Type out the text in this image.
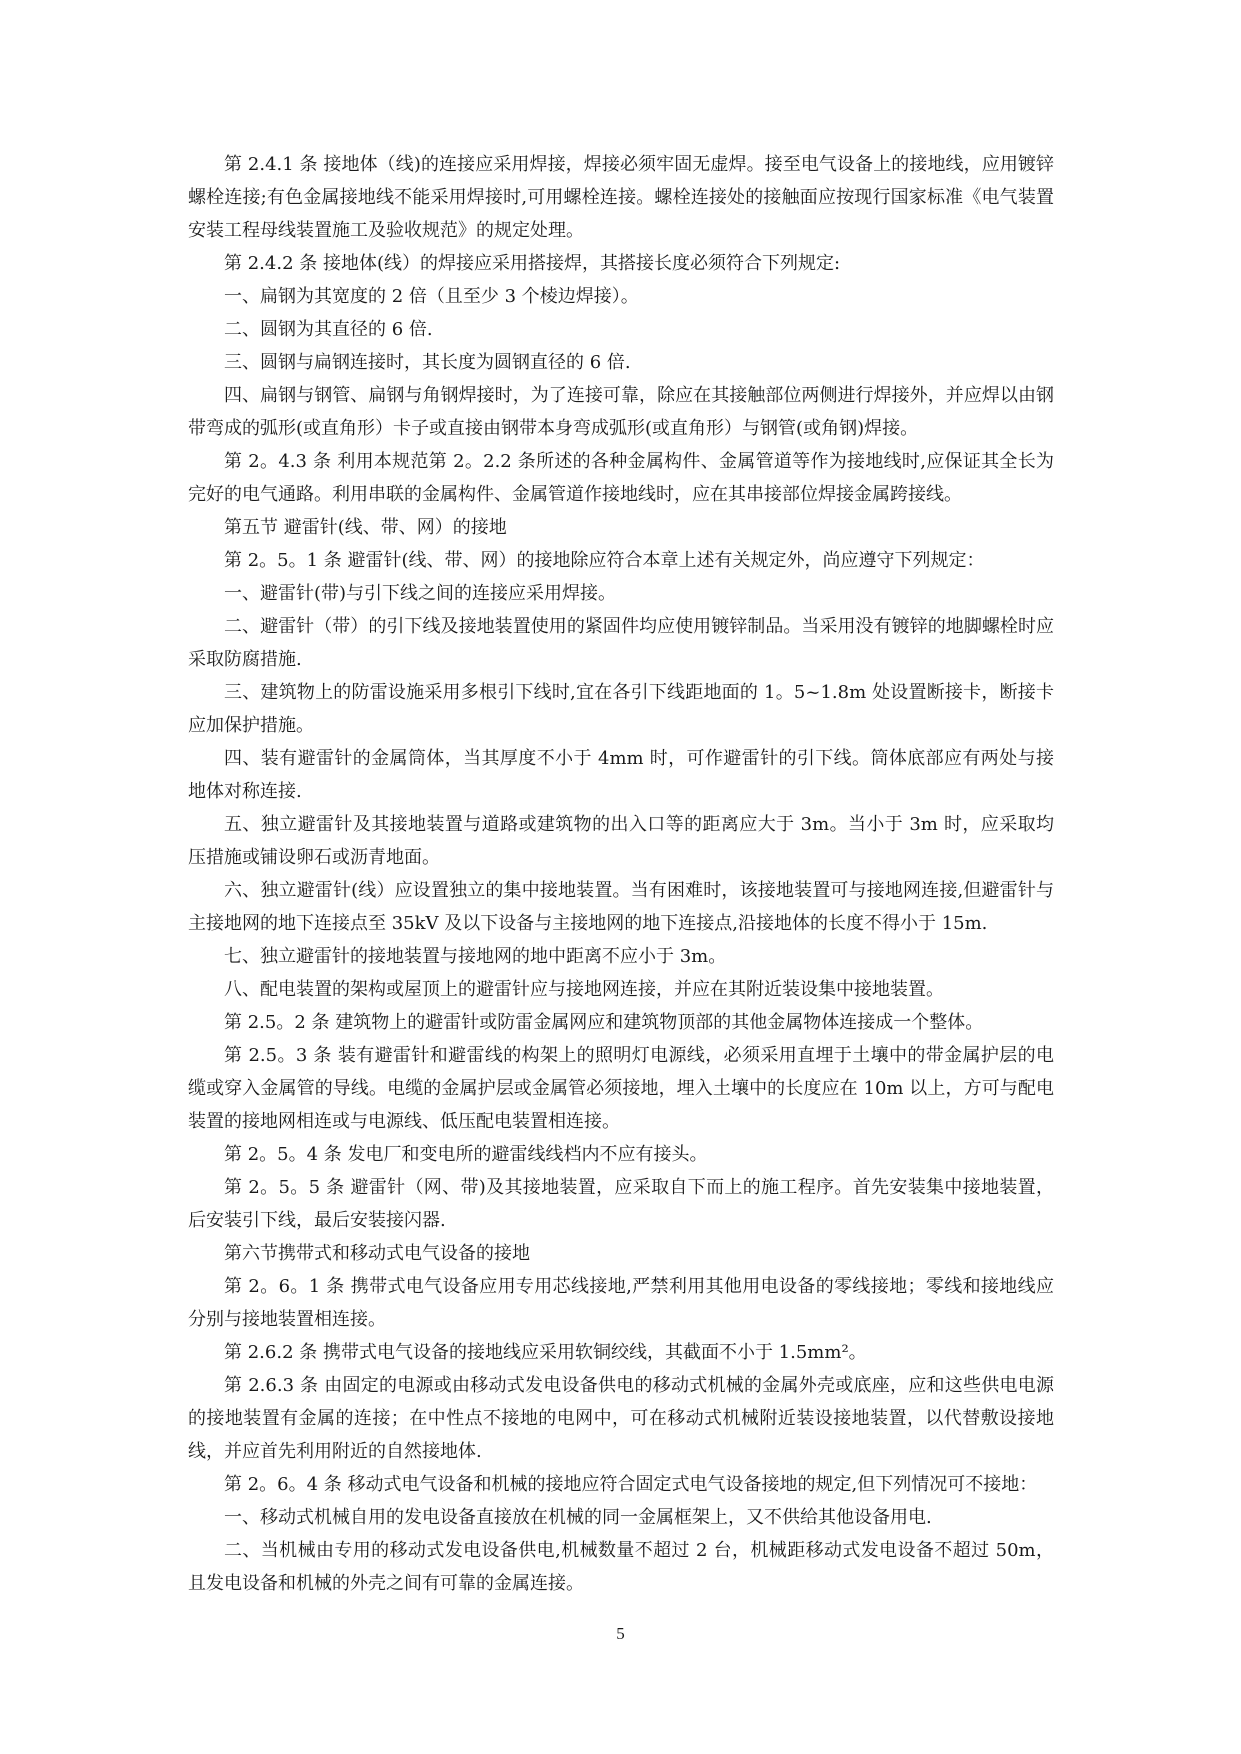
第 2.4.1 条 接地体（线)的连接应采用焊接，焊接必须牢固无虚焊。接至电气设备上的接地线，应用镀锌螺栓连接;有色金属接地线不能采用焊接时,可用螺栓连接。螺栓连接处的接触面应按现行国家标准《电气装置安装工程母线装置施工及验收规范》的规定处理。

第 2.4.2 条 接地体(线）的焊接应采用搭接焊，其搭接长度必须符合下列规定:

一、扁钢为其宽度的 2 倍（且至少 3 个棱边焊接）。

二、圆钢为其直径的 6 倍.

三、圆钢与扁钢连接时，其长度为圆钢直径的 6 倍.

四、扁钢与钢管、扁钢与角钢焊接时，为了连接可靠，除应在其接触部位两侧进行焊接外，并应焊以由钢带弯成的弧形(或直角形）卡子或直接由钢带本身弯成弧形(或直角形）与钢管(或角钢)焊接。

第 2。4.3 条 利用本规范第 2。2.2 条所述的各种金属构件、金属管道等作为接地线时,应保证其全长为完好的电气通路。利用串联的金属构件、金属管道作接地线时，应在其串接部位焊接金属跨接线。

第五节 避雷针(线、带、网）的接地

第 2。5。1 条 避雷针(线、带、网）的接地除应符合本章上述有关规定外，尚应遵守下列规定：

一、避雷针(带)与引下线之间的连接应采用焊接。

二、避雷针（带）的引下线及接地装置使用的紧固件均应使用镀锌制品。当采用没有镀锌的地脚螺栓时应采取防腐措施.

三、建筑物上的防雷设施采用多根引下线时,宜在各引下线距地面的 1。5~1.8m 处设置断接卡，断接卡应加保护措施。

四、装有避雷针的金属筒体，当其厚度不小于 4mm 时，可作避雷针的引下线。筒体底部应有两处与接地体对称连接.

五、独立避雷针及其接地装置与道路或建筑物的出入口等的距离应大于 3m。当小于 3m 时，应采取均压措施或铺设卵石或沥青地面。

六、独立避雷针(线）应设置独立的集中接地装置。当有困难时，该接地装置可与接地网连接,但避雷针与主接地网的地下连接点至 35kV 及以下设备与主接地网的地下连接点,沿接地体的长度不得小于 15m.

七、独立避雷针的接地装置与接地网的地中距离不应小于 3m。

八、配电装置的架构或屋顶上的避雷针应与接地网连接，并应在其附近装设集中接地装置。

第 2.5。2 条 建筑物上的避雷针或防雷金属网应和建筑物顶部的其他金属物体连接成一个整体。

第 2.5。3 条 装有避雷针和避雷线的构架上的照明灯电源线，必须采用直埋于土壤中的带金属护层的电缆或穿入金属管的导线。电缆的金属护层或金属管必须接地，埋入土壤中的长度应在 10m 以上，方可与配电装置的接地网相连或与电源线、低压配电装置相连接。

第 2。5。4 条 发电厂和变电所的避雷线线档内不应有接头。

第 2。5。5 条 避雷针（网、带)及其接地装置，应采取自下而上的施工程序。首先安装集中接地装置，后安装引下线，最后安装接闪器.

第六节携带式和移动式电气设备的接地

第 2。6。1 条 携带式电气设备应用专用芯线接地,严禁利用其他用电设备的零线接地；零线和接地线应分别与接地装置相连接。

第 2.6.2 条 携带式电气设备的接地线应采用软铜绞线，其截面不小于 1.5mm²。

第 2.6.3 条 由固定的电源或由移动式发电设备供电的移动式机械的金属外壳或底座，应和这些供电电源的接地装置有金属的连接；在中性点不接地的电网中，可在移动式机械附近装设接地装置，以代替敷设接地线，并应首先利用附近的自然接地体.

第 2。6。4 条 移动式电气设备和机械的接地应符合固定式电气设备接地的规定,但下列情况可不接地：

一、移动式机械自用的发电设备直接放在机械的同一金属框架上，又不供给其他设备用电.

二、当机械由专用的移动式发电设备供电,机械数量不超过 2 台，机械距移动式发电设备不超过 50m，且发电设备和机械的外壳之间有可靠的金属连接。

5
